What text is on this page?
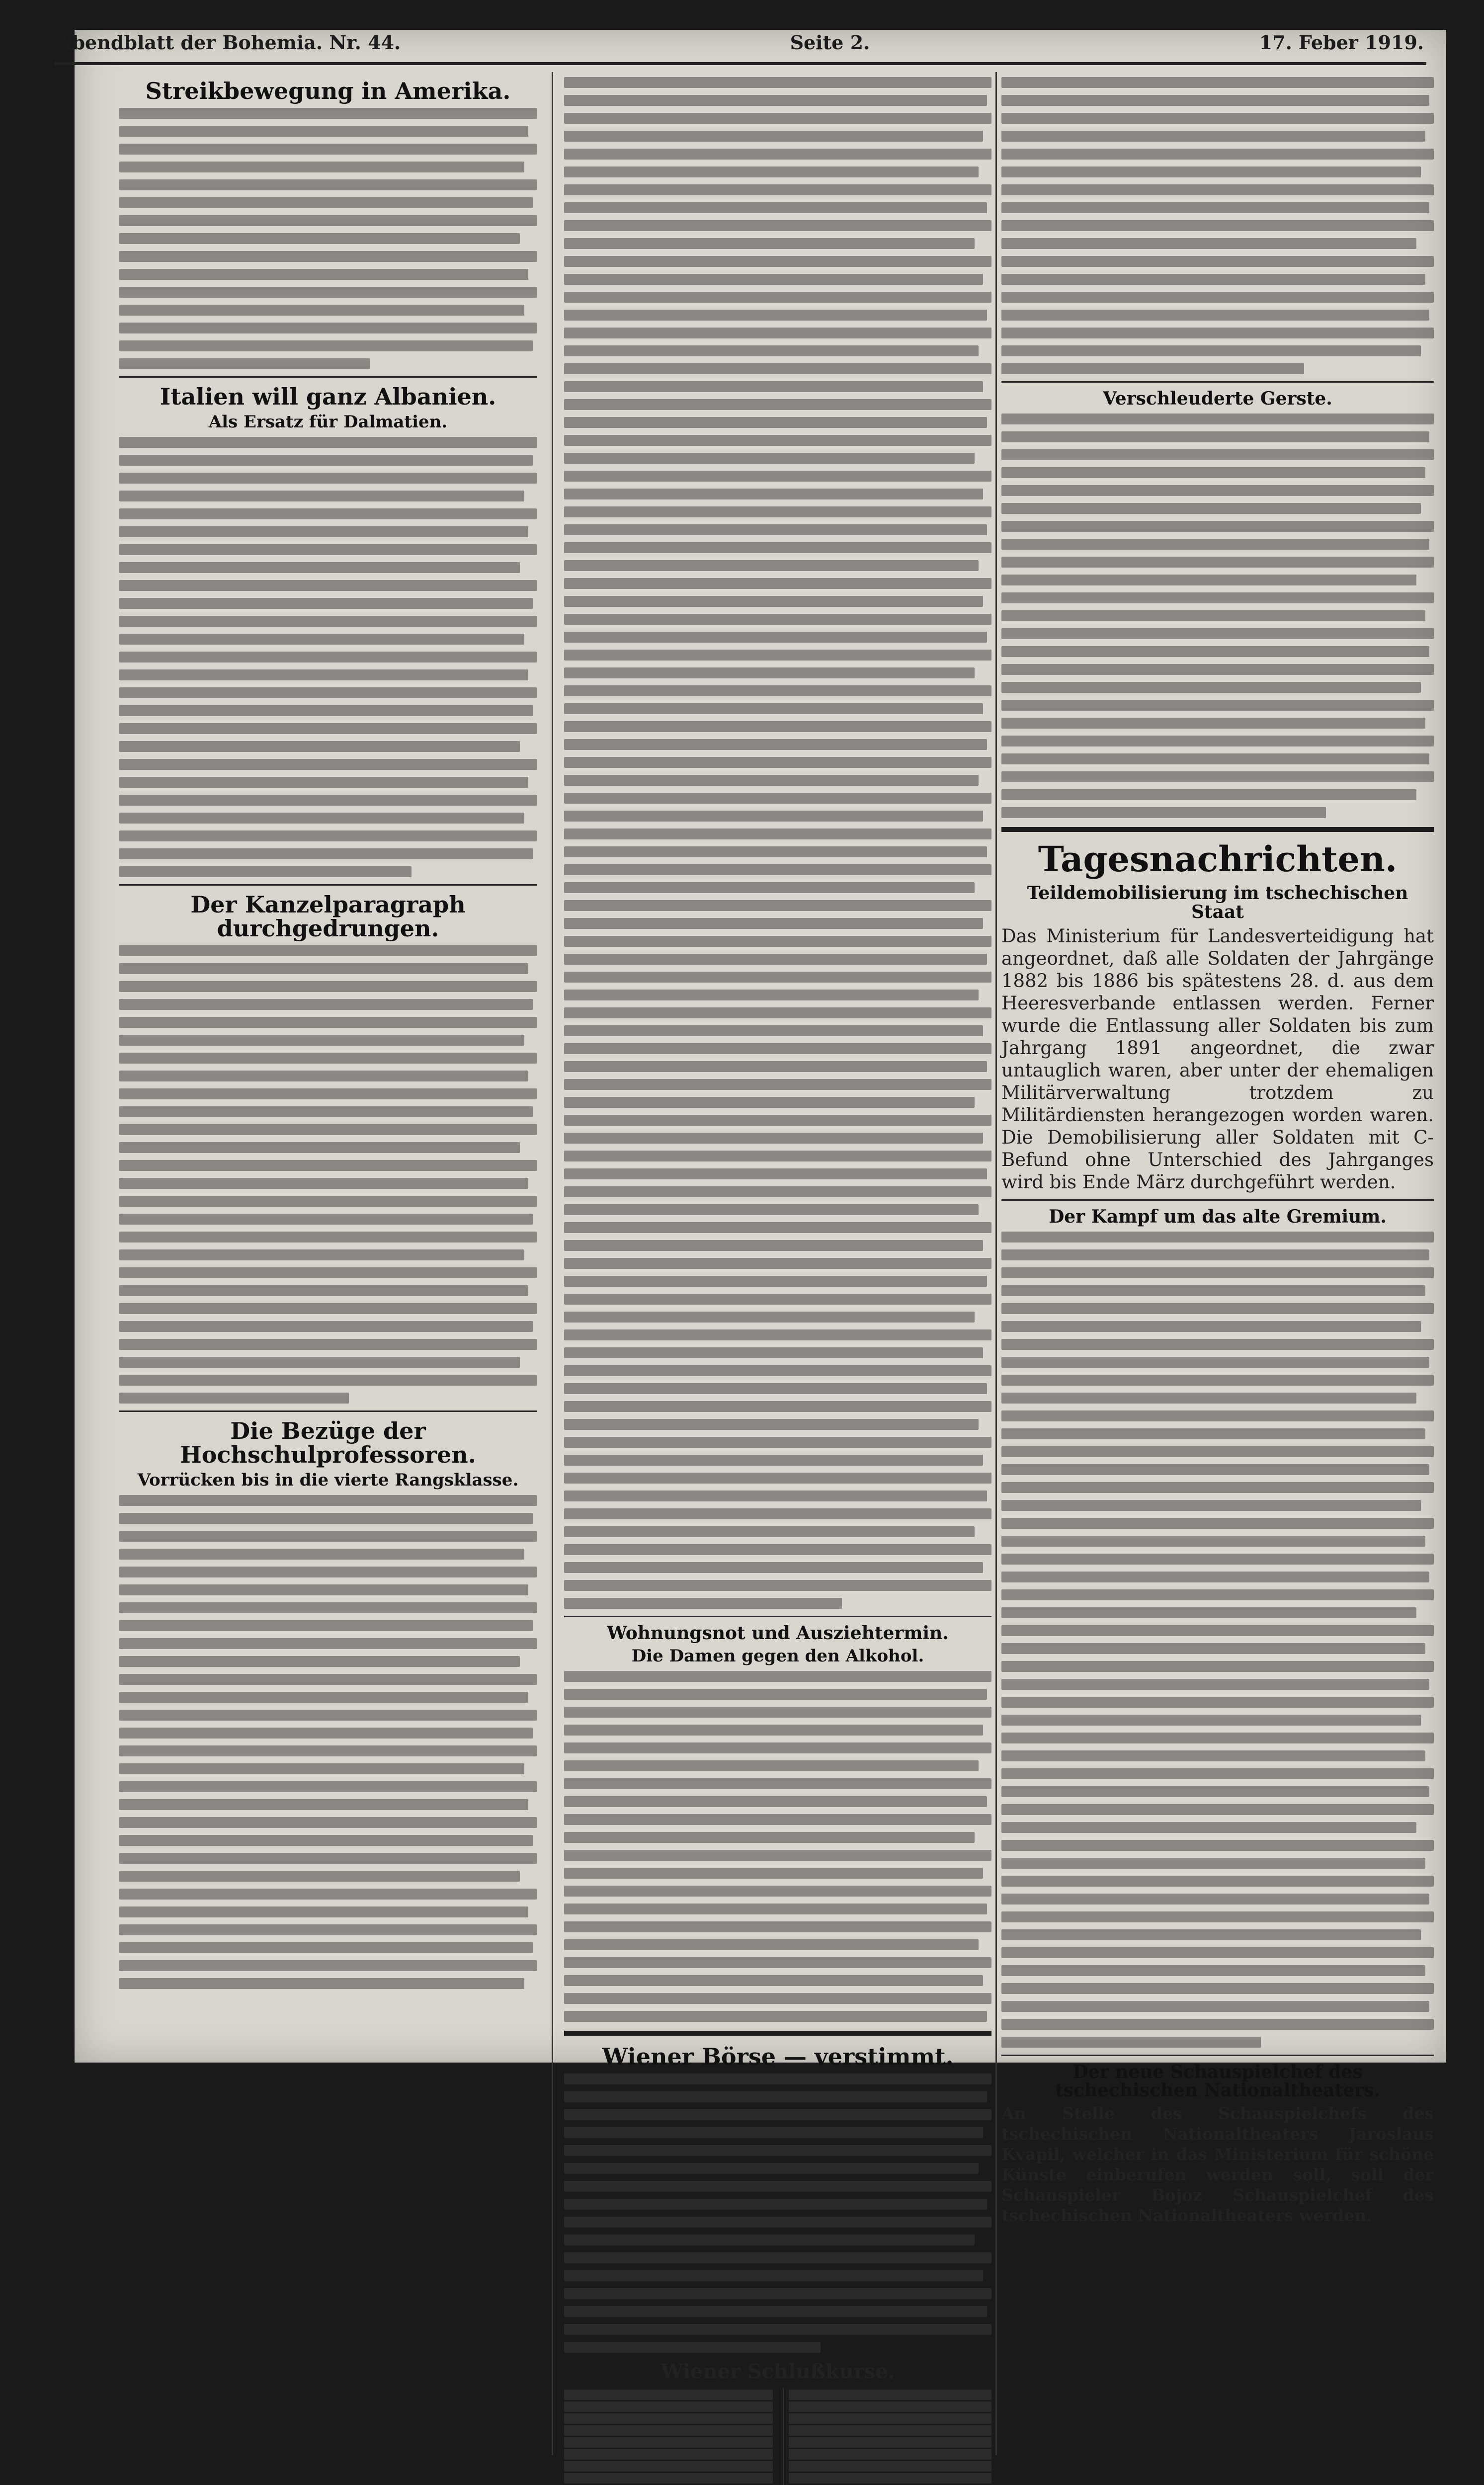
Abendblatt der Bohemia. Nr. 44.	Seite 2.	17. Feber 1919.
Streikbewegung in Amerika.
Italien will ganz Albanien.
Als Ersatz für Dalmatien.
Der Kanzelparagraph durchgedrungen.
Die Bezüge der Hochschulprofessoren.
Vorrücken bis in die vierte Rangsklasse.
Wohnungsnot und Ausziehtermin.
Die Damen gegen den Alkohol.
Wiener Börse — verstimmt.
Wiener Schlußkurse.
Verschleuderte Gerste.
Tagesnachrichten.
Teildemobilisierung im tschechischen Staat
Das Ministerium für Landesverteidigung hat angeordnet, daß alle Soldaten der Jahrgänge 1882 bis 1886 bis spätestens 28. d. aus dem Heeresverbande entlassen werden. Ferner wurde die Entlassung aller Soldaten bis zum Jahrgang 1891 angeordnet, die zwar untauglich waren, aber unter der ehemaligen Militärverwaltung trotzdem zu Militärdiensten herangezogen worden waren. Die Demobilisierung aller Soldaten mit C-Befund ohne Unterschied des Jahrganges wird bis Ende März durchgeführt werden.
Der Kampf um das alte Gremium.
Der neue Schauspielchef des tschechischen Nationaltheaters.
An Stelle des Schauspielchefs des tschechischen Nationaltheaters Jaroslaus Kvapil, welcher in das Ministerium für schöne Künste einberufen werden soll, soll der Schauspieler Bojoz Schauspielchef des tschechischen Nationaltheaters werden.
